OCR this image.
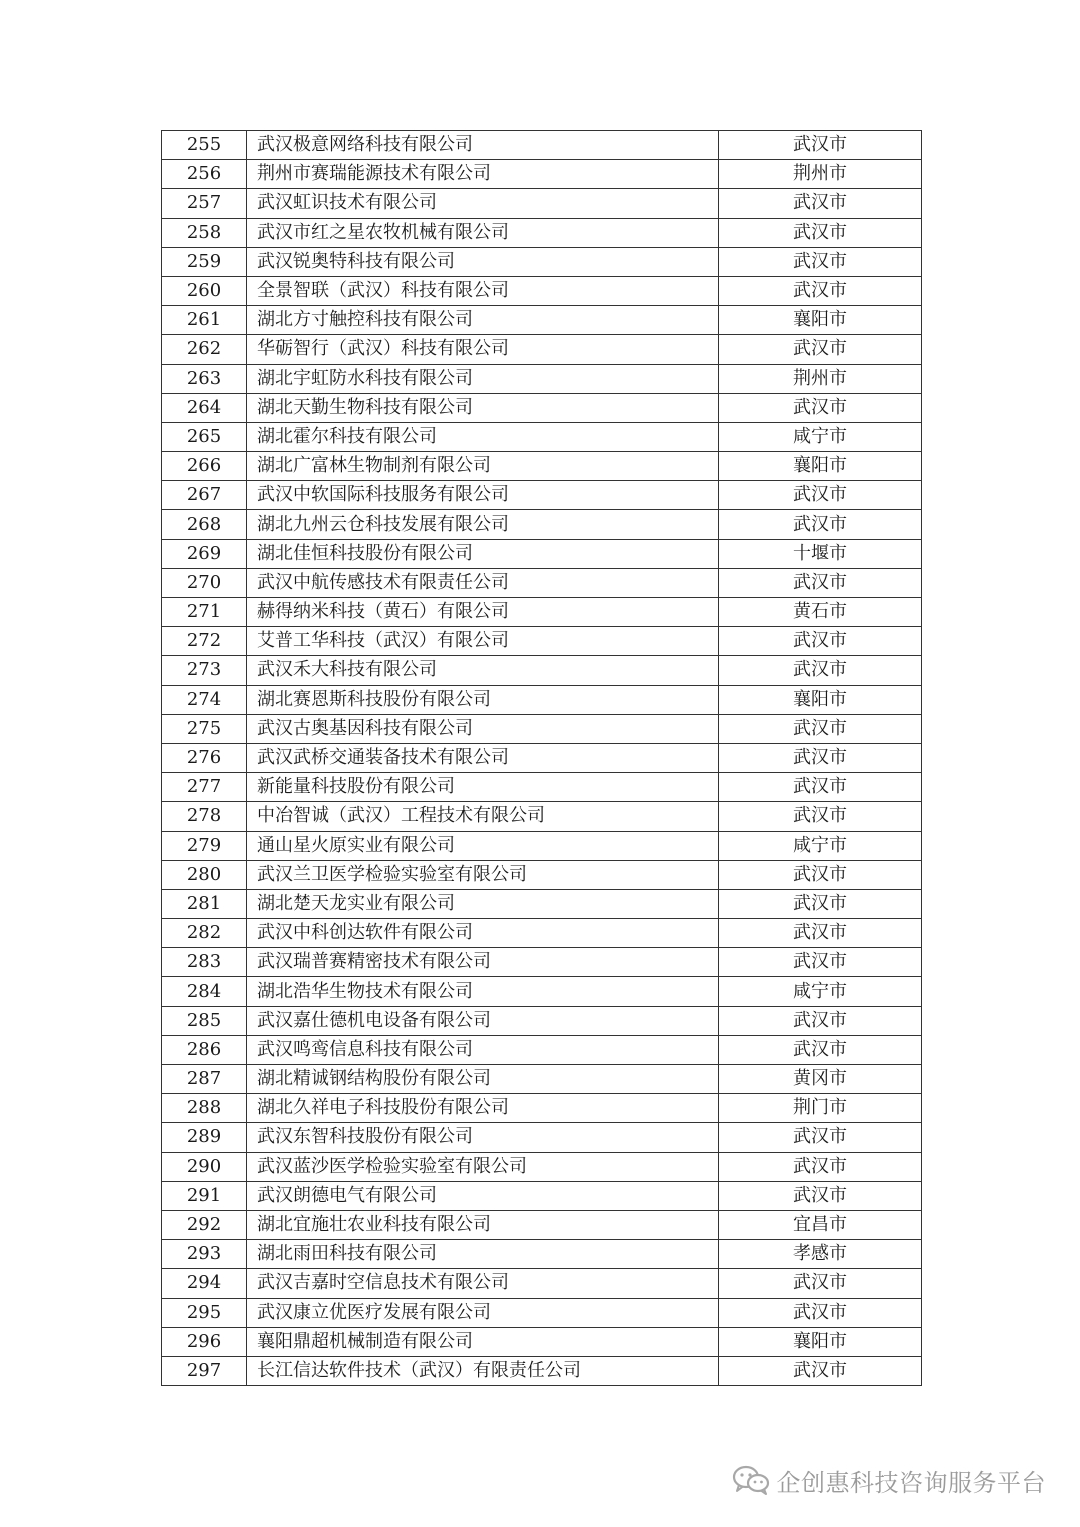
255	武汉极意网络科技有限公司	武汉市
256	荆州市赛瑞能源技术有限公司	荆州市
257	武汉虹识技术有限公司	武汉市
258	武汉市红之星农牧机械有限公司	武汉市
259	武汉锐奥特科技有限公司	武汉市
260	全景智联（武汉）科技有限公司	武汉市
261	湖北方寸触控科技有限公司	襄阳市
262	华砺智行（武汉）科技有限公司	武汉市
263	湖北宇虹防水科技有限公司	荆州市
264	湖北天勤生物科技有限公司	武汉市
265	湖北霍尔科技有限公司	咸宁市
266	湖北广富林生物制剂有限公司	襄阳市
267	武汉中软国际科技服务有限公司	武汉市
268	湖北九州云仓科技发展有限公司	武汉市
269	湖北佳恒科技股份有限公司	十堰市
270	武汉中航传感技术有限责任公司	武汉市
271	赫得纳米科技（黄石）有限公司	黄石市
272	艾普工华科技（武汉）有限公司	武汉市
273	武汉禾大科技有限公司	武汉市
274	湖北赛恩斯科技股份有限公司	襄阳市
275	武汉古奥基因科技有限公司	武汉市
276	武汉武桥交通装备技术有限公司	武汉市
277	新能量科技股份有限公司	武汉市
278	中冶智诚（武汉）工程技术有限公司	武汉市
279	通山星火原实业有限公司	咸宁市
280	武汉兰卫医学检验实验室有限公司	武汉市
281	湖北楚天龙实业有限公司	武汉市
282	武汉中科创达软件有限公司	武汉市
283	武汉瑞普赛精密技术有限公司	武汉市
284	湖北浩华生物技术有限公司	咸宁市
285	武汉嘉仕德机电设备有限公司	武汉市
286	武汉鸣鸾信息科技有限公司	武汉市
287	湖北精诚钢结构股份有限公司	黄冈市
288	湖北久祥电子科技股份有限公司	荆门市
289	武汉东智科技股份有限公司	武汉市
290	武汉蓝沙医学检验实验室有限公司	武汉市
291	武汉朗德电气有限公司	武汉市
292	湖北宜施壮农业科技有限公司	宜昌市
293	湖北雨田科技有限公司	孝感市
294	武汉吉嘉时空信息技术有限公司	武汉市
295	武汉康立优医疗发展有限公司	武汉市
296	襄阳鼎超机械制造有限公司	襄阳市
297	长江信达软件技术（武汉）有限责任公司	武汉市
企创惠科技咨询服务平台
